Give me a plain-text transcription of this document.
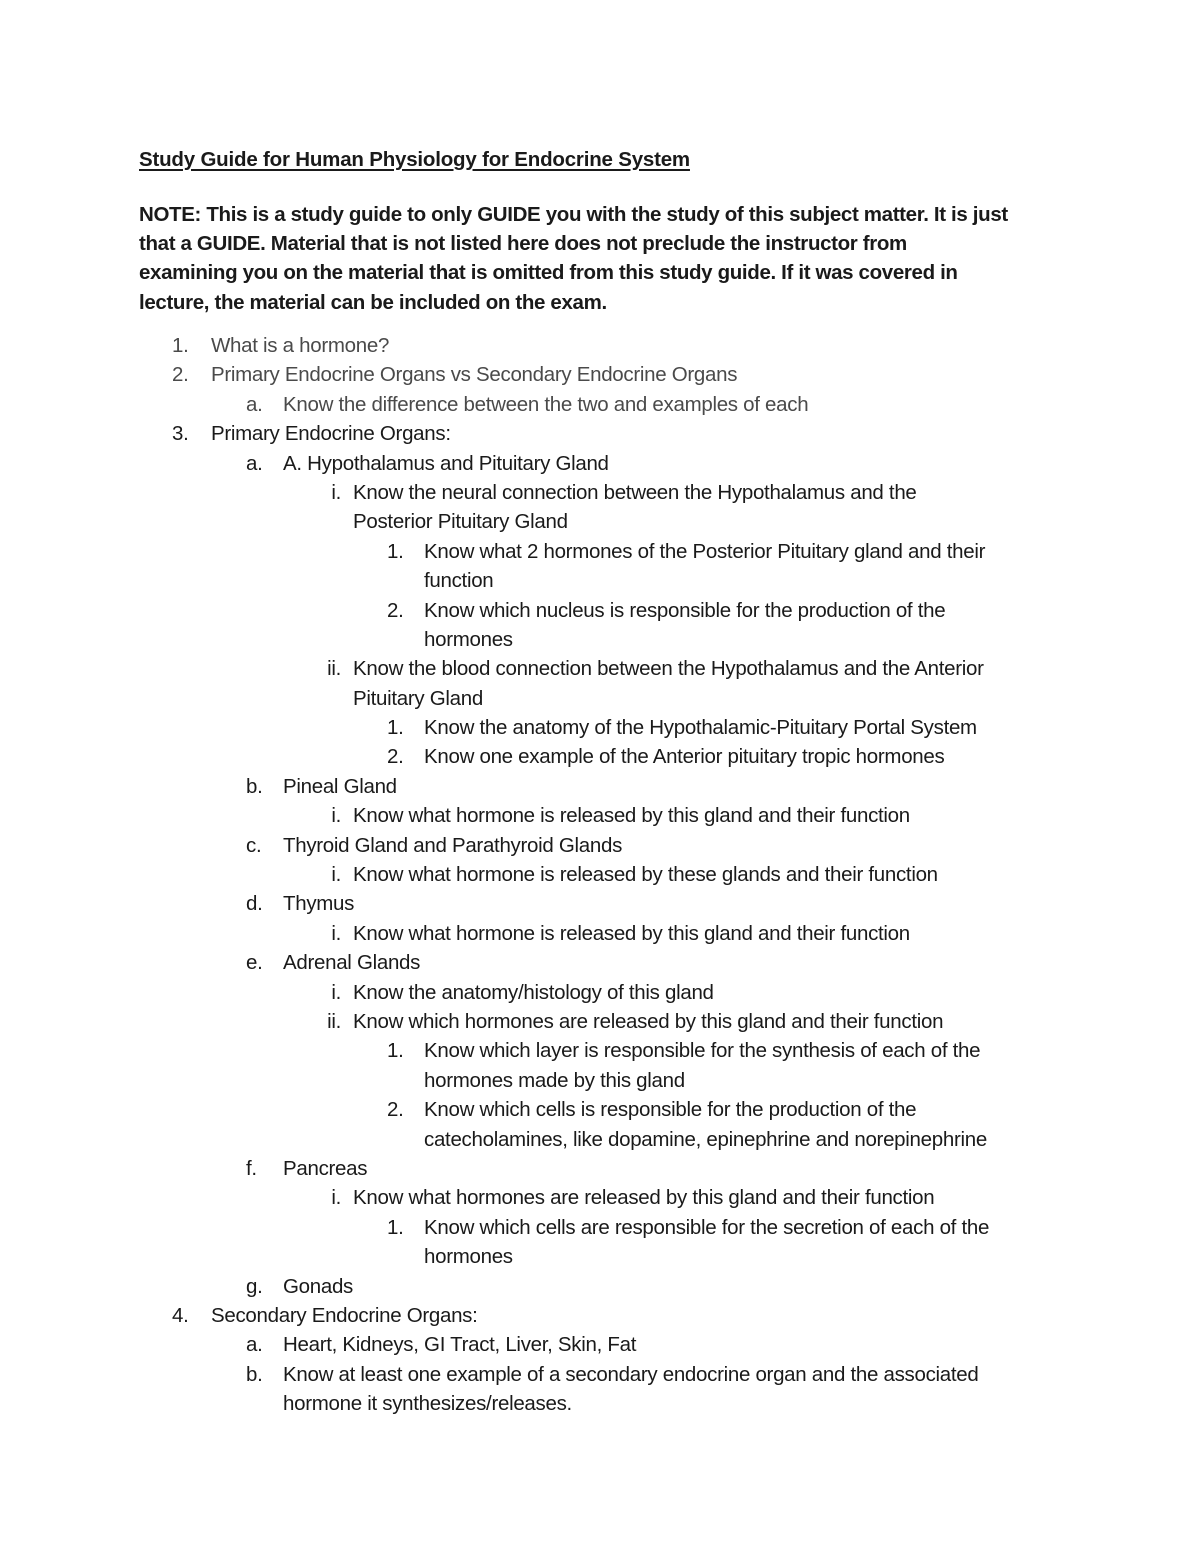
Study Guide for Human Physiology for Endocrine System

NOTE: This is a study guide to only GUIDE you with the study of this subject matter. It is just
that a GUIDE. Material that is not listed here does not preclude the instructor from
examining you on the material that is omitted from this study guide. If it was covered in
lecture, the material can be included on the exam.

1. What is a hormone?
2. Primary Endocrine Organs vs Secondary Endocrine Organs
a. Know the difference between the two and examples of each
3. Primary Endocrine Organs:
a. A. Hypothalamus and Pituitary Gland
i. Know the neural connection between the Hypothalamus and the
Posterior Pituitary Gland
1. Know what 2 hormones of the Posterior Pituitary gland and their
function
2. Know which nucleus is responsible for the production of the
hormones
ii. Know the blood connection between the Hypothalamus and the Anterior
Pituitary Gland
1. Know the anatomy of the Hypothalamic-Pituitary Portal System
2. Know one example of the Anterior pituitary tropic hormones
b. Pineal Gland
i. Know what hormone is released by this gland and their function
c. Thyroid Gland and Parathyroid Glands
i. Know what hormone is released by these glands and their function
d. Thymus
i. Know what hormone is released by this gland and their function
e. Adrenal Glands
i. Know the anatomy/histology of this gland
ii. Know which hormones are released by this gland and their function
1. Know which layer is responsible for the synthesis of each of the
hormones made by this gland
2. Know which cells is responsible for the production of the
catecholamines, like dopamine, epinephrine and norepinephrine
f. Pancreas
i. Know what hormones are released by this gland and their function
1. Know which cells are responsible for the secretion of each of the
hormones
g. Gonads
4. Secondary Endocrine Organs:
a. Heart, Kidneys, GI Tract, Liver, Skin, Fat
b. Know at least one example of a secondary endocrine organ and the associated
hormone it synthesizes/releases.
